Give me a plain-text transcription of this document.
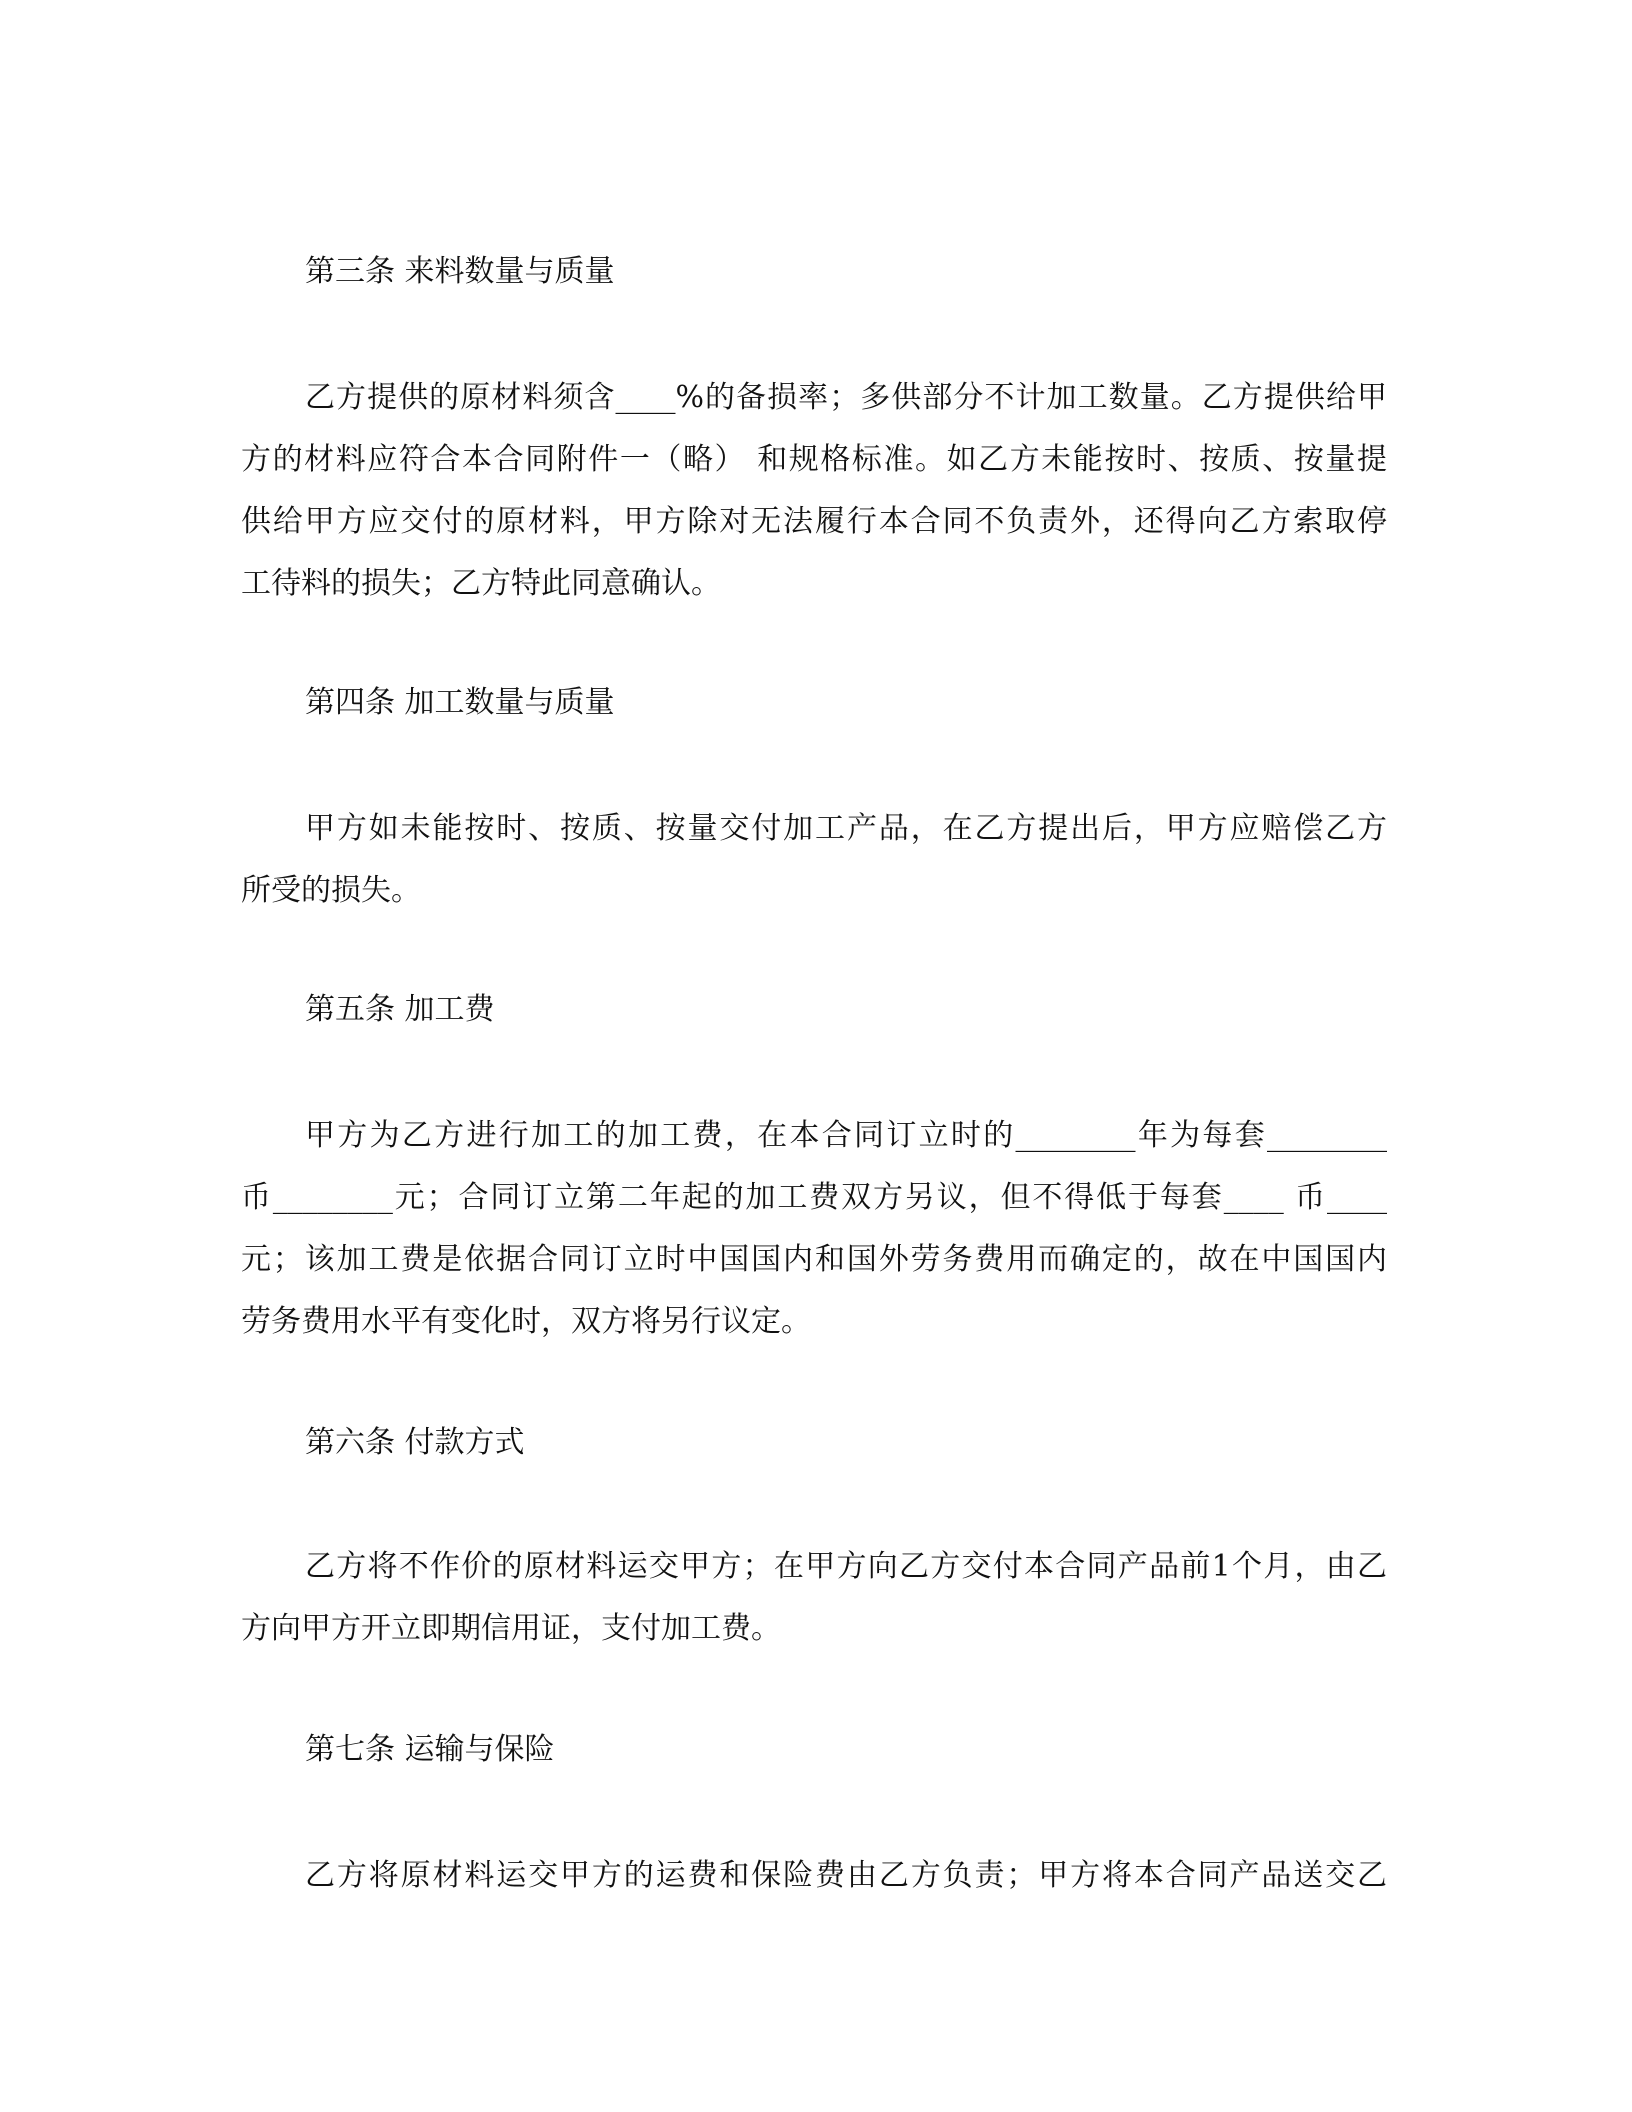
第三条 来料数量与质量
乙方提供的原材料须含____%的备损率；多供部分不计加工数量。乙方提供给甲
方的材料应符合本合同附件一（略） 和规格标准。如乙方未能按时、按质、按量提
供给甲方应交付的原材料，甲方除对无法履行本合同不负责外，还得向乙方索取停
工待料的损失；乙方特此同意确认。
第四条 加工数量与质量
甲方如未能按时、按质、按量交付加工产品，在乙方提出后，甲方应赔偿乙方
所受的损失。
第五条 加工费
甲方为乙方进行加工的加工费，在本合同订立时的________年为每套________
币________元；合同订立第二年起的加工费双方另议，但不得低于每套____ 币____
元；该加工费是依据合同订立时中国国内和国外劳务费用而确定的，故在中国国内
劳务费用水平有变化时，双方将另行议定。
第六条 付款方式
乙方将不作价的原材料运交甲方；在甲方向乙方交付本合同产品前1个月，由乙
方向甲方开立即期信用证，支付加工费。
第七条 运输与保险
乙方将原材料运交甲方的运费和保险费由乙方负责；甲方将本合同产品送交乙
